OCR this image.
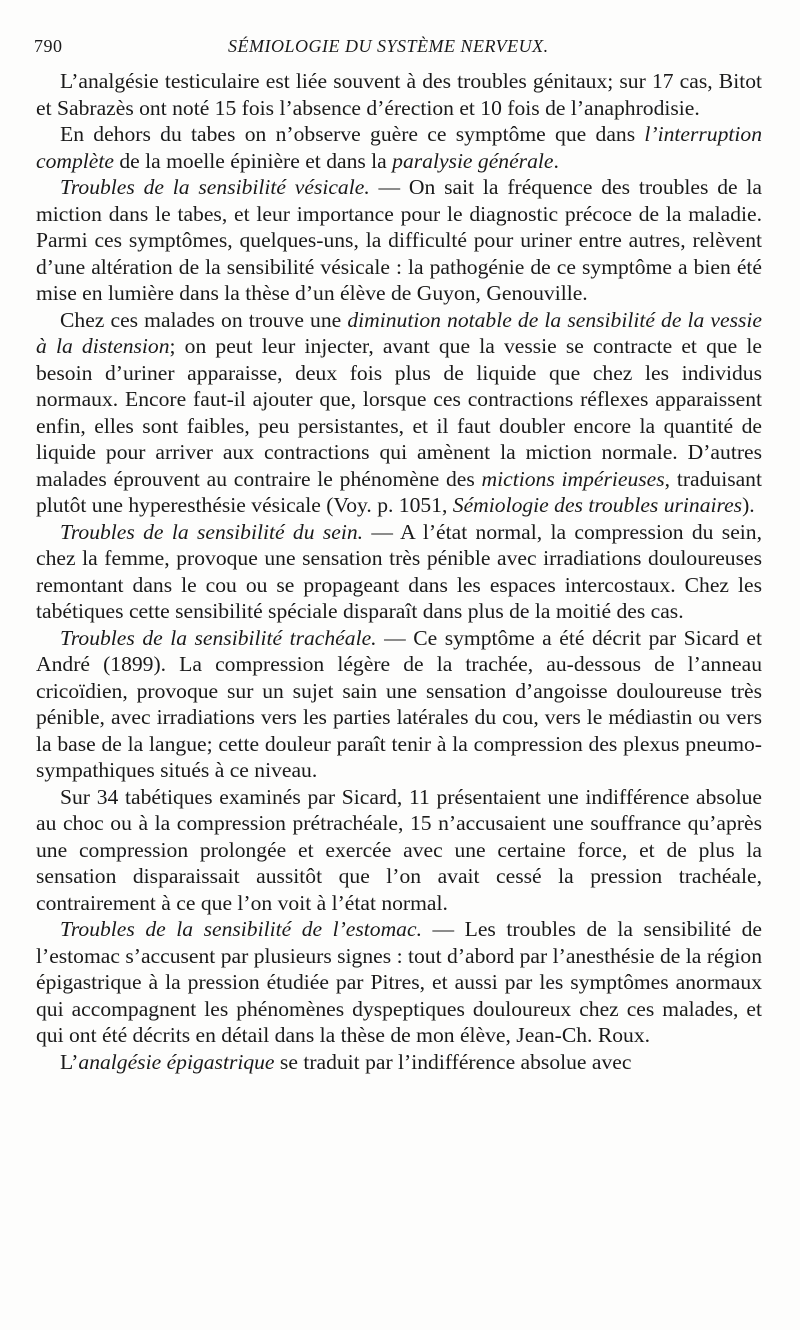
790	SÉMIOLOGIE DU SYSTÈME NERVEUX.

L’analgésie testiculaire est liée souvent à des troubles génitaux; sur 17 cas, Bitot et Sabrazès ont noté 15 fois l’absence d’érection et 10 fois de l’anaphrodisie.

En dehors du tabes on n’observe guère ce symptôme que dans l’interruption complète de la moelle épinière et dans la paralysie générale.

Troubles de la sensibilité vésicale. — On sait la fréquence des troubles de la miction dans le tabes, et leur importance pour le diagnostic précoce de la maladie. Parmi ces symptômes, quelques-uns, la difficulté pour uriner entre autres, relèvent d’une altération de la sensibilité vésicale : la pathogénie de ce symptôme a bien été mise en lumière dans la thèse d’un élève de Guyon, Genouville.

Chez ces malades on trouve une diminution notable de la sensibilité de la vessie à la distension; on peut leur injecter, avant que la vessie se contracte et que le besoin d’uriner apparaisse, deux fois plus de liquide que chez les individus normaux. Encore faut-il ajouter que, lorsque ces contractions réflexes apparaissent enfin, elles sont faibles, peu persistantes, et il faut doubler encore la quantité de liquide pour arriver aux contractions qui amènent la miction normale. D’autres malades éprouvent au contraire le phénomène des mictions impérieuses, traduisant plutôt une hyperesthésie vésicale (Voy. p. 1051, Sémiologie des troubles urinaires).

Troubles de la sensibilité du sein. — A l’état normal, la compression du sein, chez la femme, provoque une sensation très pénible avec irradiations douloureuses remontant dans le cou ou se propageant dans les espaces intercostaux. Chez les tabétiques cette sensibilité spéciale disparaît dans plus de la moitié des cas.

Troubles de la sensibilité trachéale. — Ce symptôme a été décrit par Sicard et André (1899). La compression légère de la trachée, au-dessous de l’anneau cricoïdien, provoque sur un sujet sain une sensation d’angoisse douloureuse très pénible, avec irradiations vers les parties latérales du cou, vers le médiastin ou vers la base de la langue; cette douleur paraît tenir à la compression des plexus pneumo-sympathiques situés à ce niveau.

Sur 34 tabétiques examinés par Sicard, 11 présentaient une indifférence absolue au choc ou à la compression prétrachéale, 15 n’accusaient une souffrance qu’après une compression prolongée et exercée avec une certaine force, et de plus la sensation disparaissait aussitôt que l’on avait cessé la pression trachéale, contrairement à ce que l’on voit à l’état normal.

Troubles de la sensibilité de l’estomac. — Les troubles de la sensibilité de l’estomac s’accusent par plusieurs signes : tout d’abord par l’anesthésie de la région épigastrique à la pression étudiée par Pitres, et aussi par les symptômes anormaux qui accompagnent les phénomènes dyspeptiques douloureux chez ces malades, et qui ont été décrits en détail dans la thèse de mon élève, Jean-Ch. Roux.

L’analgésie épigastrique se traduit par l’indifférence absolue avec
